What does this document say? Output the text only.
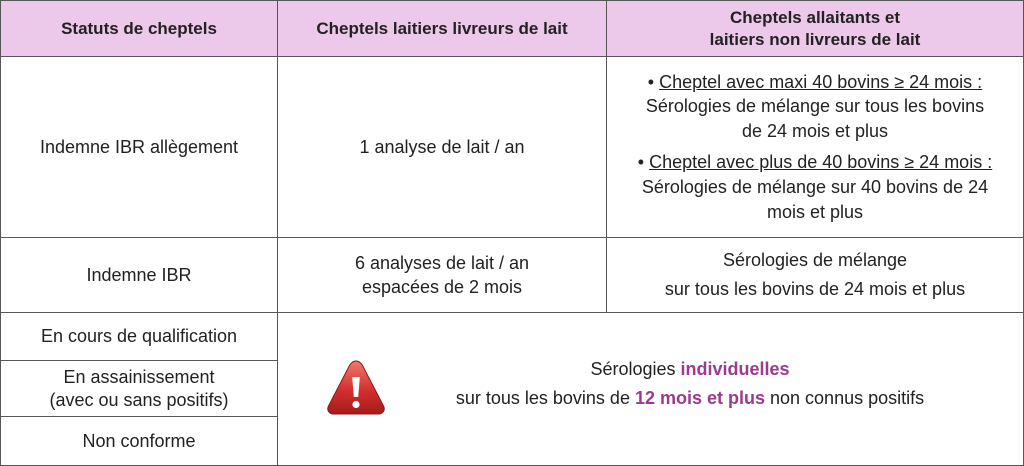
Statuts de cheptels	Cheptels laitiers livreurs de lait
Cheptels allaitants et
laitiers non livreurs de lait
Indemne IBR allègement	1 analyse de lait / an
• Cheptel avec maxi 40 bovins ≥ 24 mois :
Sérologies de mélange sur tous les bovins
de 24 mois et plus
• Cheptel avec plus de 40 bovins ≥ 24 mois :
Sérologies de mélange sur 40 bovins de 24
mois et plus
Indemne IBR
6 analyses de lait / an
espacées de 2 mois
Sérologies de mélange
sur tous les bovins de 24 mois et plus
En cours de qualification
En assainissement
(avec ou sans positifs)
Non conforme
Sérologies individuelles
sur tous les bovins de 12 mois et plus non connus positifs
